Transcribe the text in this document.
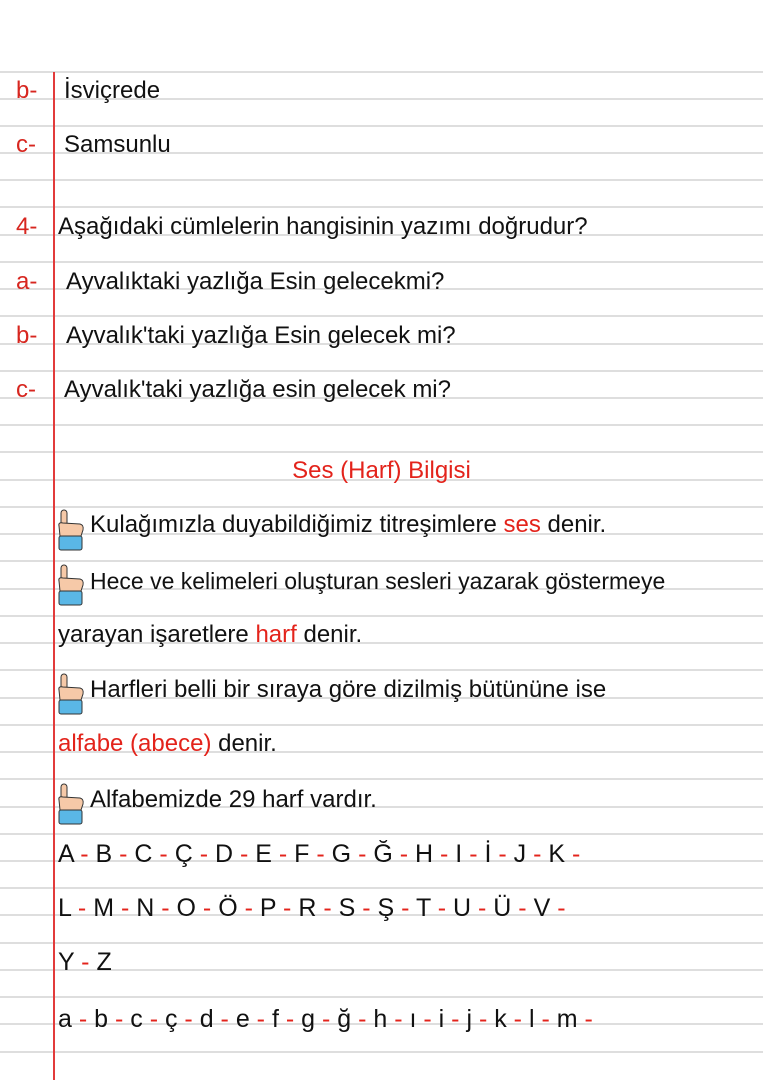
b- İsviçrede
c- Samsunlu
4- Aşağıdaki cümlelerin hangisinin yazımı doğrudur?
a- Ayvalıktaki yazlığa Esin gelecekmi?
b- Ayvalık'taki yazlığa Esin gelecek mi?
c- Ayvalık'taki yazlığa esin gelecek mi?
Ses (Harf) Bilgisi
Kulağımızla duyabildiğimiz titreşimlere ses denir.
Hece ve kelimeleri oluşturan sesleri yazarak göstermeye
yarayan işaretlere harf denir.
Harfleri belli bir sıraya göre dizilmiş bütününe ise
alfabe (abece) denir.
Alfabemizde 29 harf vardır.
A - B - C - Ç - D - E - F - G - Ğ - H - I - İ - J - K -
L - M - N - O - Ö - P - R - S - Ş - T - U - Ü - V -
Y - Z
a - b - c - ç - d - e - f - g - ğ - h - ı - i - j - k - l - m -
